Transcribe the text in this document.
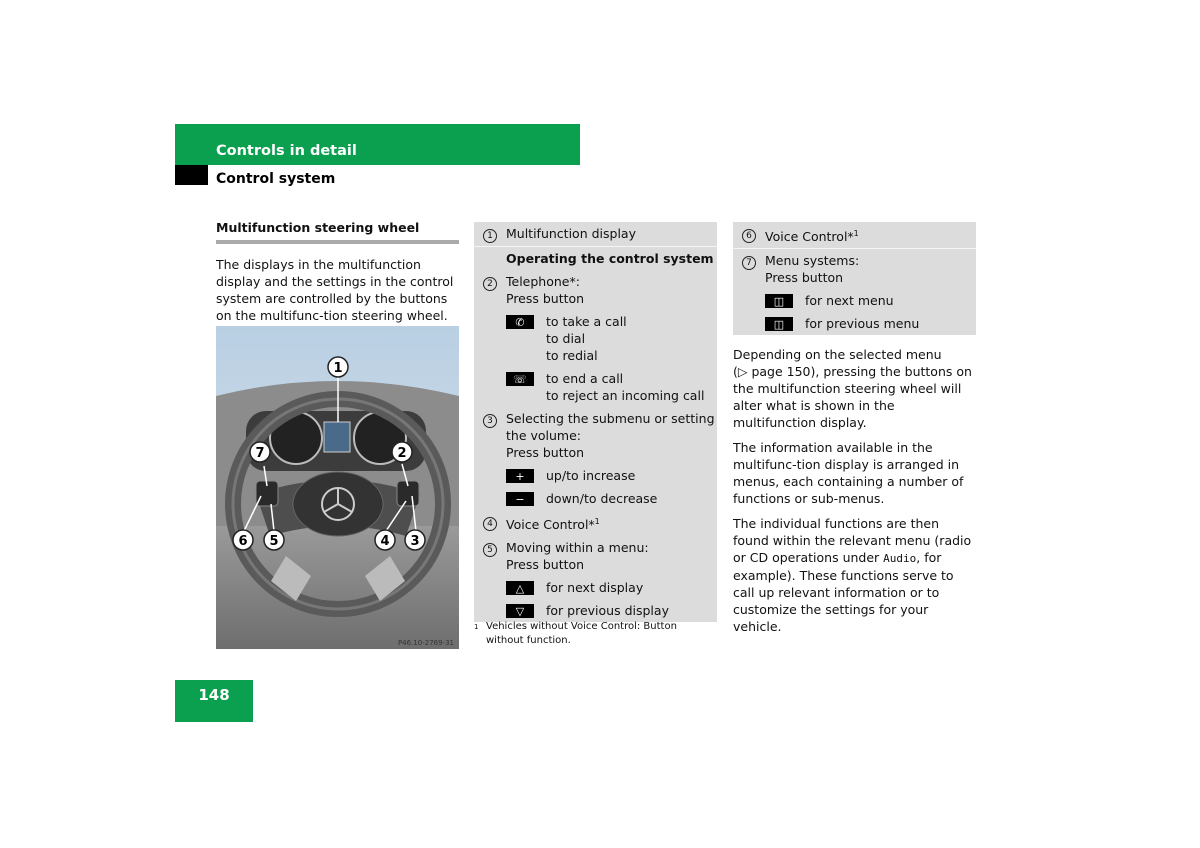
Controls in detail
Control system
Multifunction steering wheel
The displays in the multifunction display and the settings in the control system are controlled by the buttons on the multifunc-tion steering wheel.
1
2
3
4
5
6
7
P46.10-2769-31
1	Multifunction display
Operating the control system
2	Telephone*:
Press button
✆	to take a call
to dial
to redial
☏	to end a call
to reject an incoming call
3	Selecting the submenu or setting
the volume:
Press button
+	up/to increase
−	down/to decrease
4	Voice Control*$^1$
5	Moving within a menu:
Press button
△	for next display
▽	for previous display
1 Vehicles without Voice Control: Button without function.
6	Voice Control*$^1$
7	Menu systems:
Press button
◫	for next menu
◫	for previous menu

Depending on the selected menu
(▷ page 150), pressing the buttons on the multifunction steering wheel will alter what is shown in the multifunction display.

The information available in the multifunc-tion display is arranged in menus, each containing a number of functions or sub-menus.

The individual functions are then found within the relevant menu (radio or CD operations under Audio, for example). These functions serve to call up relevant information or to customize the settings for your vehicle.

148
